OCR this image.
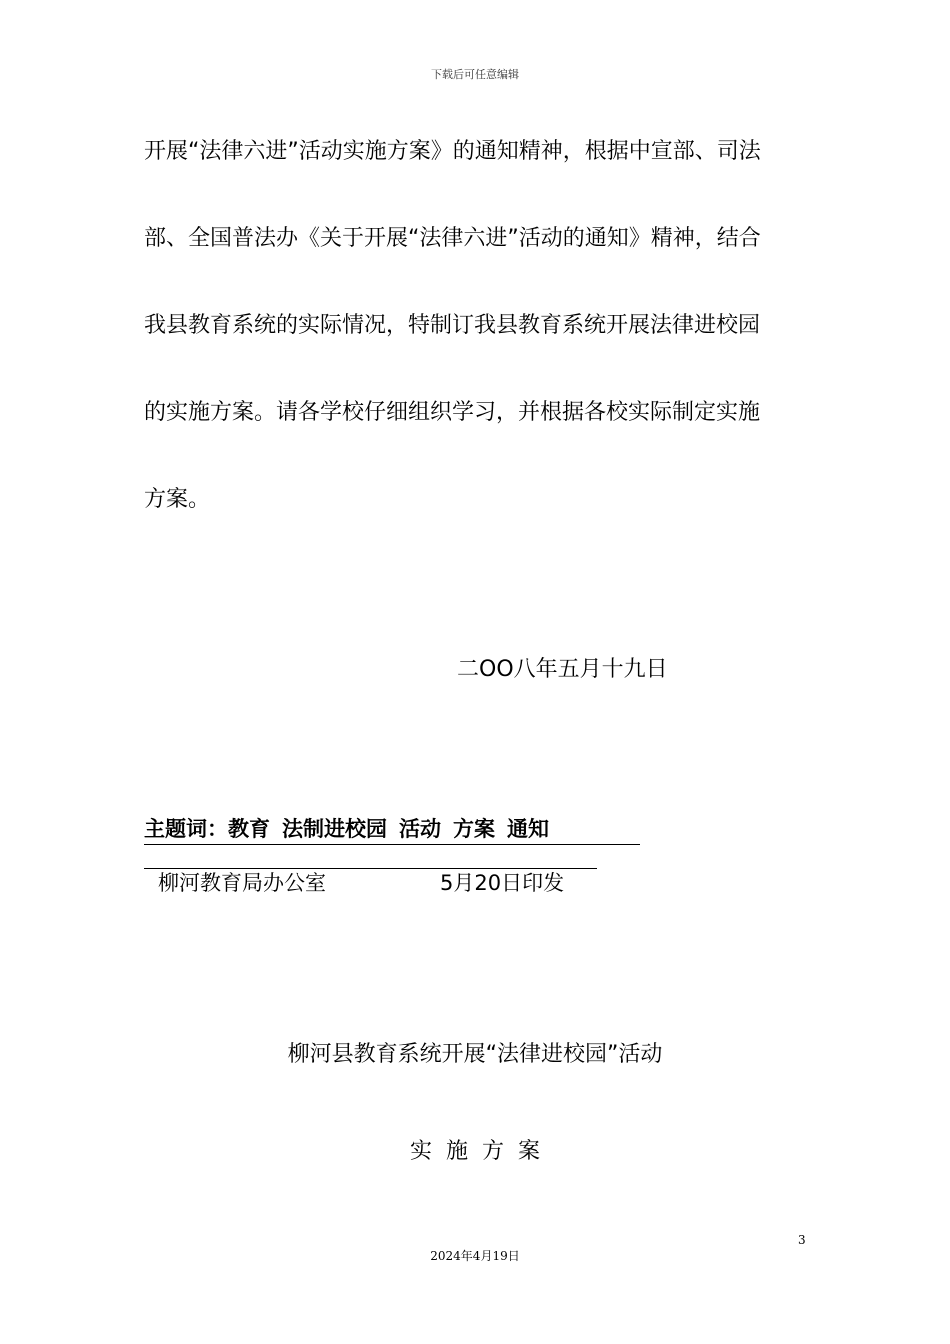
下载后可任意编辑
开展“法律六进”活动实施方案》的通知精神，根据中宣部、司法
部、全国普法办《关于开展“法律六进”活动的通知》精神，结合
我县教育系统的实际情况，特制订我县教育系统开展法律进校园
的实施方案。请各学校仔细组织学习，并根据各校实际制定实施
方案。
二OO八年五月十九日
主题词：教育 法制进校园 活动 方案 通知
柳河教育局办公室	5月20日印发
柳河县教育系统开展“法律进校园”活动
实施方案
3
2024年4月19日
